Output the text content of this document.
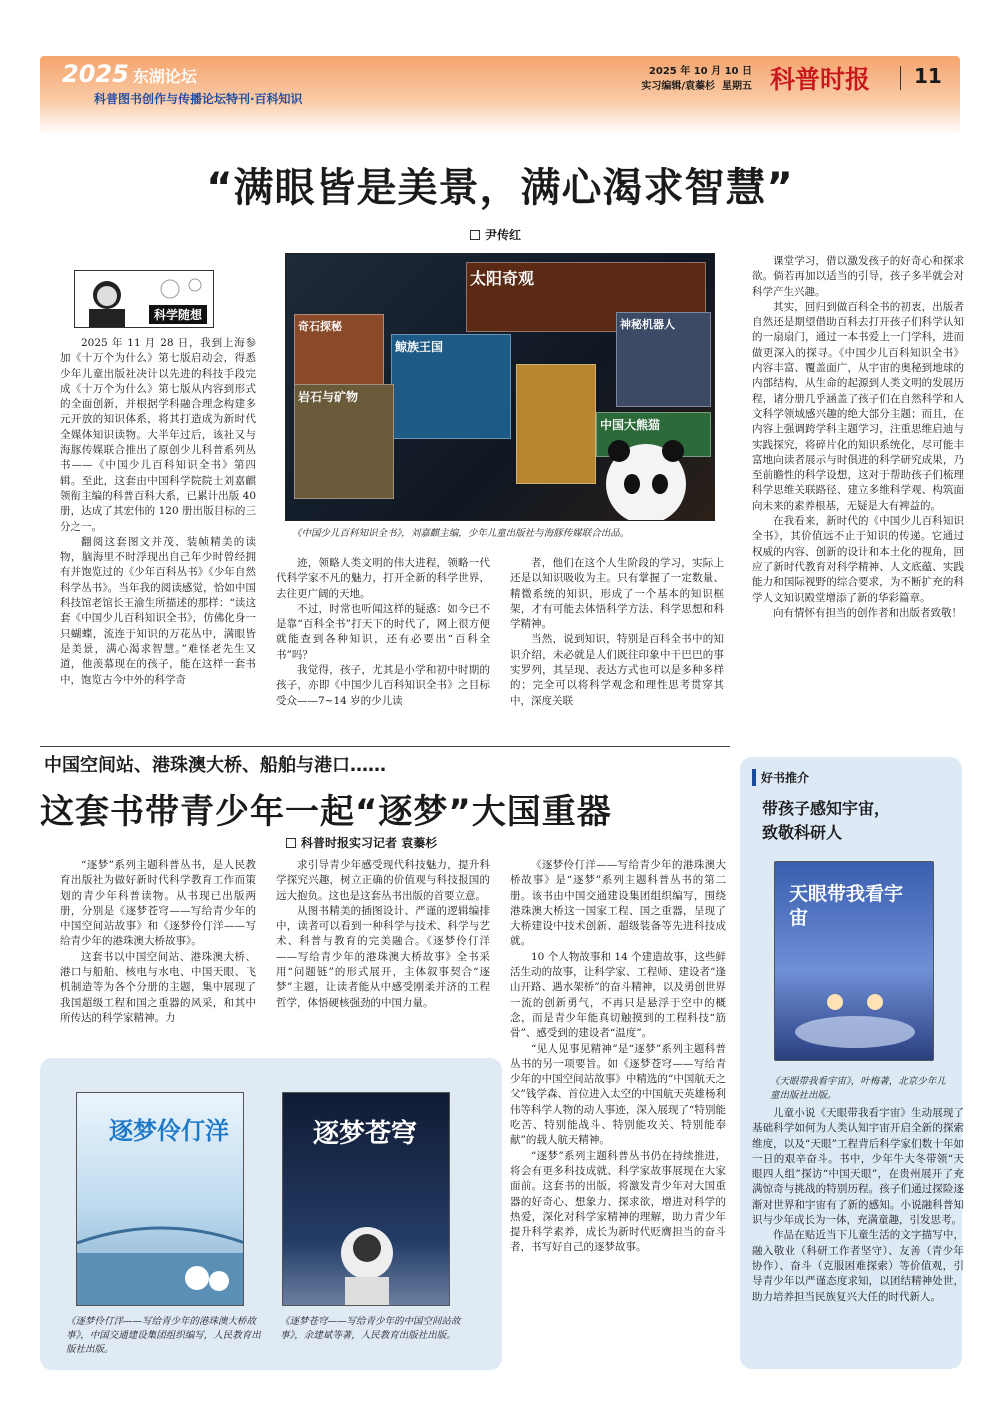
2025 东湖论坛
科普图书创作与传播论坛特刊·百科知识
2025 年 10 月 10 日
实习编辑/袁蓁杉 星期五 科普时报 11
“满眼皆是美景，满心渴求智慧”
尹传红
科学随想
太阳奇观
神秘机器人
奇石探秘
鲸族王国
岩石与矿物
中国大熊猫
《中国少儿百科知识全书》，刘嘉麒主编，少年儿童出版社与海豚传媒联合出品。

2025 年 11 月 28 日，我到上海参加《十万个为什么》第七版启动会，得悉少年儿童出版社决计以先进的科技手段完成《十万个为什么》第七版从内容到形式的全面创新，并根据学科融合理念构建多元开放的知识体系，将其打造成为新时代全媒体知识读物。大半年过后，该社又与海豚传媒联合推出了原创少儿科普系列丛书——《中国少儿百科知识全书》第四辑。至此，这套由中国科学院院士刘嘉麒领衔主编的科普百科大系，已累计出版 40 册，达成了其宏伟的 120 册出版目标的三分之一。

翻阅这套图文并茂、装帧精美的读物，脑海里不时浮现出自己年少时曾经拥有并饱览过的《少年百科丛书》《少年自然科学丛书》。当年我的阅读感觉，恰如中国科技馆老馆长王渝生所描述的那样：“读这套《中国少儿百科知识全书》，仿佛化身一只蝴蝶，流连于知识的万花丛中，满眼皆是美景，满心渴求智慧。”难怪老先生又道，他羡慕现在的孩子，能在这样一套书中，饱览古今中外的科学奇

迹，领略人类文明的伟大进程，领略一代代科学家不凡的魅力，打开全新的科学世界，去往更广阔的天地。

不过，时常也听闻这样的疑惑：如今已不是靠“百科全书”打天下的时代了，网上很方便就能查到各种知识，还有必要出“百科全书”吗？

我觉得，孩子，尤其是小学和初中时期的孩子，亦即《中国少儿百科知识全书》之目标受众——7~14 岁的少儿读

者，他们在这个人生阶段的学习，实际上还是以知识吸收为主。只有掌握了一定数量、精微系统的知识，形成了一个基本的知识框架，才有可能去体悟科学方法、科学思想和科学精神。

当然，说到知识，特别是百科全书中的知识介绍，未必就是人们既往印象中干巴巴的事实罗列，其呈现、表达方式也可以是多种多样的；完全可以将科学观念和理性思考贯穿其中，深度关联

课堂学习，借以激发孩子的好奇心和探求欲。倘若再加以适当的引导，孩子多半就会对科学产生兴趣。

其实，回归到做百科全书的初衷，出版者自然还是期望借助百科去打开孩子们科学认知的一扇扇门，通过一本书爱上一门学科，进而做更深入的探寻。《中国少儿百科知识全书》内容丰富、覆盖面广，从宇宙的奥秘到地球的内部结构，从生命的起源到人类文明的发展历程，诸分册几乎涵盖了孩子们在自然科学和人文科学领域感兴趣的绝大部分主题；而且，在内容上强调跨学科主题学习，注重思维启迪与实践探究，将碎片化的知识系统化，尽可能丰富地向读者展示与时俱进的科学研究成果，乃至前瞻性的科学设想，这对于帮助孩子们梳理科学思维关联路径、建立多维科学观、构筑面向未来的素养根基，无疑是大有裨益的。

在我看来，新时代的《中国少儿百科知识全书》，其价值远不止于知识的传递。它通过权威的内容、创新的设计和本土化的视角，回应了新时代教育对科学精神、人文底蕴、实践能力和国际视野的综合要求，为不断扩充的科学人文知识殿堂增添了新的华彩篇章。

向有情怀有担当的创作者和出版者致敬！

中国空间站、港珠澳大桥、船舶与港口……
这套书带青少年一起“逐梦”大国重器
科普时报实习记者 袁蓁杉

“逐梦”系列主题科普丛书，是人民教育出版社为做好新时代科学教育工作而策划的青少年科普读物。从书现已出版两册，分别是《逐梦苍穹——写给青少年的中国空间站故事》和《逐梦伶仃洋——写给青少年的港珠澳大桥故事》。

这套书以中国空间站、港珠澳大桥、港口与船舶、核电与水电、中国天眼、飞机制造等为各个分册的主题，集中展现了我国超级工程和国之重器的风采，和其中所传达的科学家精神。力

求引导青少年感受现代科技魅力，提升科学探究兴趣，树立正确的价值观与科技报国的远大抱负。这也是这套丛书出版的首要立意。

从图书精美的插图设计、严谨的逻辑编排中，读者可以看到一种科学与技术、科学与艺术、科普与教育的完美融合。《逐梦伶仃洋——写给青少年的港珠澳大桥故事》全书采用“问题链”的形式展开，主体叙事契合“逐梦”主题，让读者能从中感受刚柔并济的工程哲学，体悟硬核强劲的中国力量。

《逐梦伶仃洋——写给青少年的港珠澳大桥故事》是“逐梦”系列主题科普丛书的第二册。该书由中国交通建设集团组织编写，围绕港珠澳大桥这一国家工程、国之重器，呈现了大桥建设中技术创新、超级装备等先进科技成就。

10 个人物故事和 14 个建造故事，这些鲜活生动的故事，让科学家、工程师、建设者“逢山开路、遇水架桥”的奋斗精神，以及勇创世界一流的创新勇气，不再只是悬浮于空中的概念，而是青少年能真切触摸到的工程科技“筋骨”、感受到的建设者“温度”。

“见人见事见精神”是“逐梦”系列主题科普丛书的另一项要旨。如《逐梦苍穹——写给青少年的中国空间站故事》中精选的“中国航天之父”钱学森、首位进入太空的中国航天英雄杨利伟等科学人物的动人事迹，深入展现了“特别能吃苦、特别能战斗、特别能攻关、特别能奉献”的载人航天精神。

“逐梦”系列主题科普丛书仍在持续推进，将会有更多科技成就、科学家故事展现在大家面前。这套书的出版，将激发青少年对大国重器的好奇心、想象力、探求欲，增进对科学的热爱，深化对科学家精神的理解，助力青少年提升科学素养，成长为新时代贬膺担当的奋斗者，书写好自己的逐梦故事。

逐梦伶仃洋
《逐梦伶仃洋——写给青少年的港珠澳大桥故事》，中国交通建设集团组织编写，人民教育出版社出版。
逐梦苍穹
《逐梦苍穹——写给青少年的中国空间站故事》，余建斌等著，人民教育出版社出版。
好书推介
带孩子感知宇宙，
致敬科研人
天眼带我看宇宙
《天眼带我看宇宙》，叶梅著，北京少年儿童出版社出版。

儿童小说《天眼带我看宇宙》生动展现了基础科学如何为人类认知宇宙开启全新的探索维度，以及“天眼”工程背后科学家们数十年如一日的艰辛奋斗。书中，少年牛大冬带领“天眼四人组”探访“中国天眼”，在贵州展开了充满惊奇与挑战的特别历程。孩子们通过探险逐渐对世界和宇宙有了新的感知。小说融科普知识与少年成长为一体，充满童趣，引发思考。

作品在贴近当下儿童生活的文字描写中，融入敬业（科研工作者坚守）、友善（青少年协作）、奋斗（克服困难探索）等价值观，引导青少年以严谨态度求知，以团结精神处世，助力培养担当民族复兴大任的时代新人。
